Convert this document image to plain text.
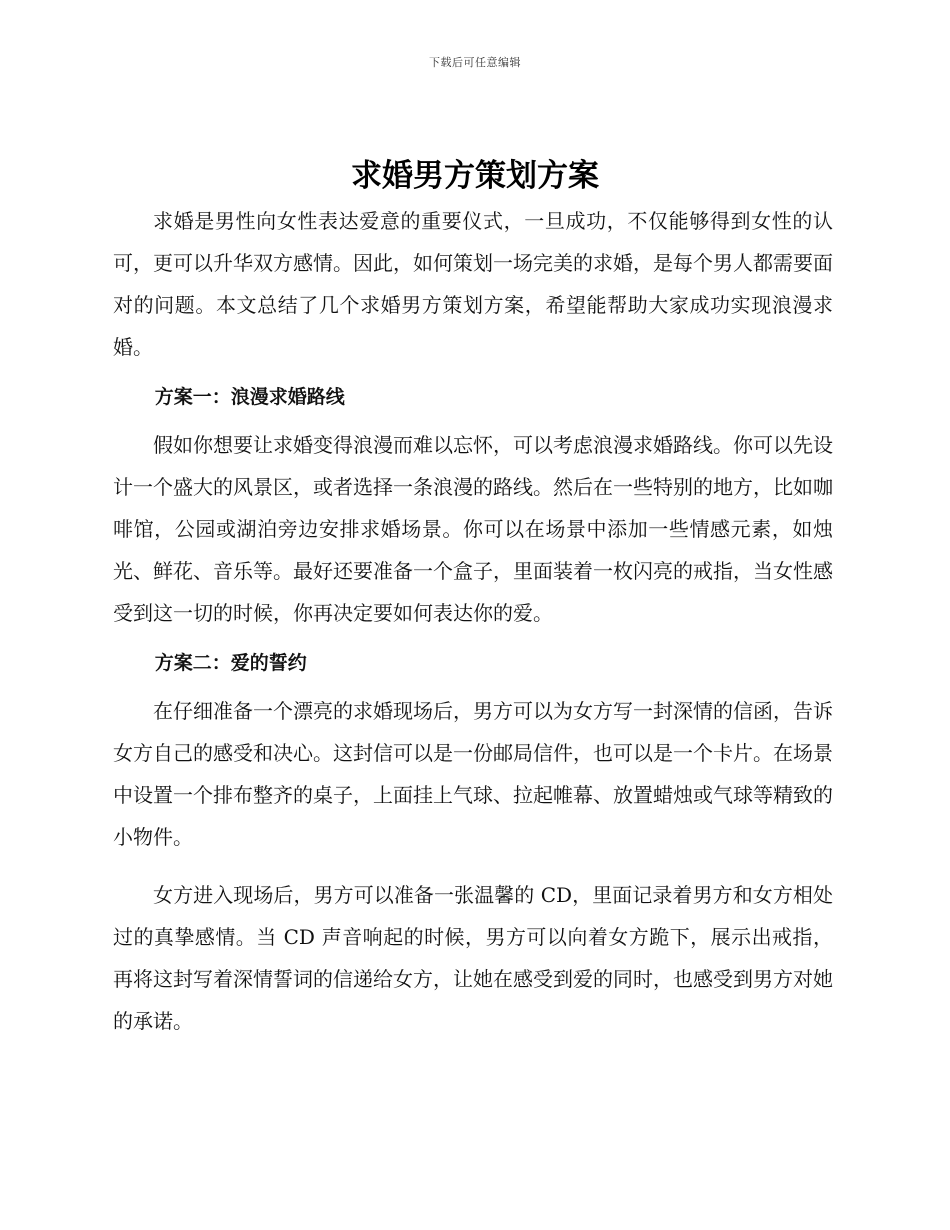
下载后可任意编辑
求婚男方策划方案

求婚是男性向女性表达爱意的重要仪式，一旦成功，不仅能够得到女性的认可，更可以升华双方感情。因此，如何策划一场完美的求婚，是每个男人都需要面对的问题。本文总结了几个求婚男方策划方案，希望能帮助大家成功实现浪漫求婚。

方案一：浪漫求婚路线

假如你想要让求婚变得浪漫而难以忘怀，可以考虑浪漫求婚路线。你可以先设计一个盛大的风景区，或者选择一条浪漫的路线。然后在一些特别的地方，比如咖啡馆，公园或湖泊旁边安排求婚场景。你可以在场景中添加一些情感元素，如烛光、鲜花、音乐等。最好还要准备一个盒子，里面装着一枚闪亮的戒指，当女性感受到这一切的时候，你再决定要如何表达你的爱。

方案二：爱的誓约

在仔细准备一个漂亮的求婚现场后，男方可以为女方写一封深情的信函，告诉女方自己的感受和决心。这封信可以是一份邮局信件，也可以是一个卡片。在场景中设置一个排布整齐的桌子，上面挂上气球、拉起帷幕、放置蜡烛或气球等精致的小物件。

女方进入现场后，男方可以准备一张温馨的 CD，里面记录着男方和女方相处过的真挚感情。当 CD 声音响起的时候，男方可以向着女方跪下，展示出戒指，再将这封写着深情誓词的信递给女方，让她在感受到爱的同时，也感受到男方对她的承诺。
